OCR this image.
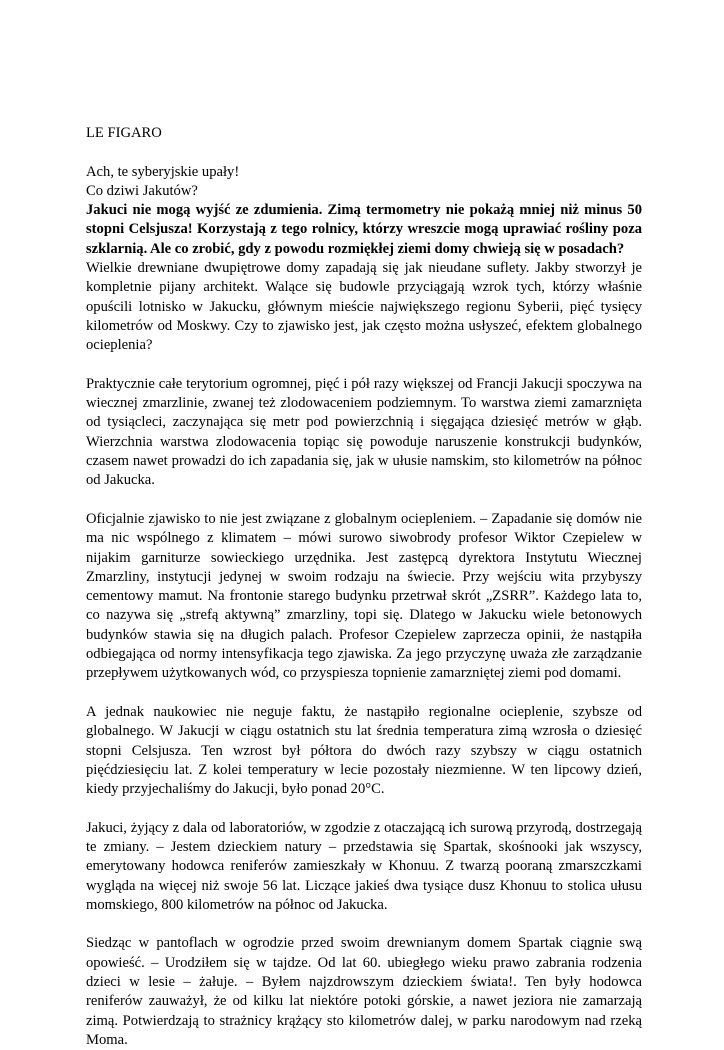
LE FIGARO
Ach, te syberyjskie upały!
Co dziwi Jakutów?

Jakuci nie mogą wyjść ze zdumienia. Zimą termometry nie pokażą mniej niż minus 50 stopni Celsjusza! Korzystają z tego rolnicy, którzy wreszcie mogą uprawiać rośliny poza szklarnią. Ale co zrobić, gdy z powodu rozmiękłej ziemi domy chwieją się w posadach?

Wielkie drewniane dwupiętrowe domy zapadają się jak nieudane suflety. Jakby stworzył je kompletnie pijany architekt. Walące się budowle przyciągają wzrok tych, którzy właśnie opuścili lotnisko w Jakucku, głównym mieście największego regionu Syberii, pięć tysięcy kilometrów od Moskwy. Czy to zjawisko jest, jak często można usłyszeć, efektem globalnego ocieplenia?

Praktycznie całe terytorium ogromnej, pięć i pół razy większej od Francji Jakucji spoczywa na wiecznej zmarzlinie, zwanej też zlodowaceniem podziemnym. To warstwa ziemi zamarznięta od tysiącleci, zaczynająca się metr pod powierzchnią i sięgająca dziesięć metrów w głąb. Wierzchnia warstwa zlodowacenia topiąc się powoduje naruszenie konstrukcji budynków, czasem nawet prowadzi do ich zapadania się, jak w ułusie namskim, sto kilometrów na północ od Jakucka.

Oficjalnie zjawisko to nie jest związane z globalnym ociepleniem. – Zapadanie się domów nie ma nic wspólnego z klimatem – mówi surowo siwobrody profesor Wiktor Czepielew w nijakim garniturze sowieckiego urzędnika. Jest zastępcą dyrektora Instytutu Wiecznej Zmarzliny, instytucji jedynej w swoim rodzaju na świecie. Przy wejściu wita przybyszy cementowy mamut. Na frontonie starego budynku przetrwał skrót „ZSRR”. Każdego lata to, co nazywa się „strefą aktywną” zmarzliny, topi się. Dlatego w Jakucku wiele betonowych budynków stawia się na długich palach. Profesor Czepielew zaprzecza opinii, że nastąpiła odbiegająca od normy intensyfikacja tego zjawiska. Za jego przyczynę uważa złe zarządzanie przepływem użytkowanych wód, co przyspiesza topnienie zamarzniętej ziemi pod domami.

A jednak naukowiec nie neguje faktu, że nastąpiło regionalne ocieplenie, szybsze od globalnego. W Jakucji w ciągu ostatnich stu lat średnia temperatura zimą wzrosła o dziesięć stopni Celsjusza. Ten wzrost był półtora do dwóch razy szybszy w ciągu ostatnich pięćdziesięciu lat. Z kolei temperatury w lecie pozostały niezmienne. W ten lipcowy dzień, kiedy przyjechaliśmy do Jakucji, było ponad 20°C.

Jakuci, żyjący z dala od laboratoriów, w zgodzie z otaczającą ich surową przyrodą, dostrzegają te zmiany. – Jestem dzieckiem natury – przedstawia się Spartak, skośnooki jak wszyscy, emerytowany hodowca reniferów zamieszkały w Khonuu. Z twarzą pooraną zmarszczkami wygląda na więcej niż swoje 56 lat. Liczące jakieś dwa tysiące dusz Khonuu to stolica ułusu momskiego, 800 kilometrów na północ od Jakucka.

Siedząc w pantoflach w ogrodzie przed swoim drewnianym domem Spartak ciągnie swą opowieść. – Urodziłem się w tajdze. Od lat 60. ubiegłego wieku prawo zabrania rodzenia dzieci w lesie – żałuje. – Byłem najzdrowszym dzieckiem świata!. Ten były hodowca reniferów zauważył, że od kilku lat niektóre potoki górskie, a nawet jeziora nie zamarzają zimą. Potwierdzają to strażnicy krążący sto kilometrów dalej, w parku narodowym nad rzeką Moma.
